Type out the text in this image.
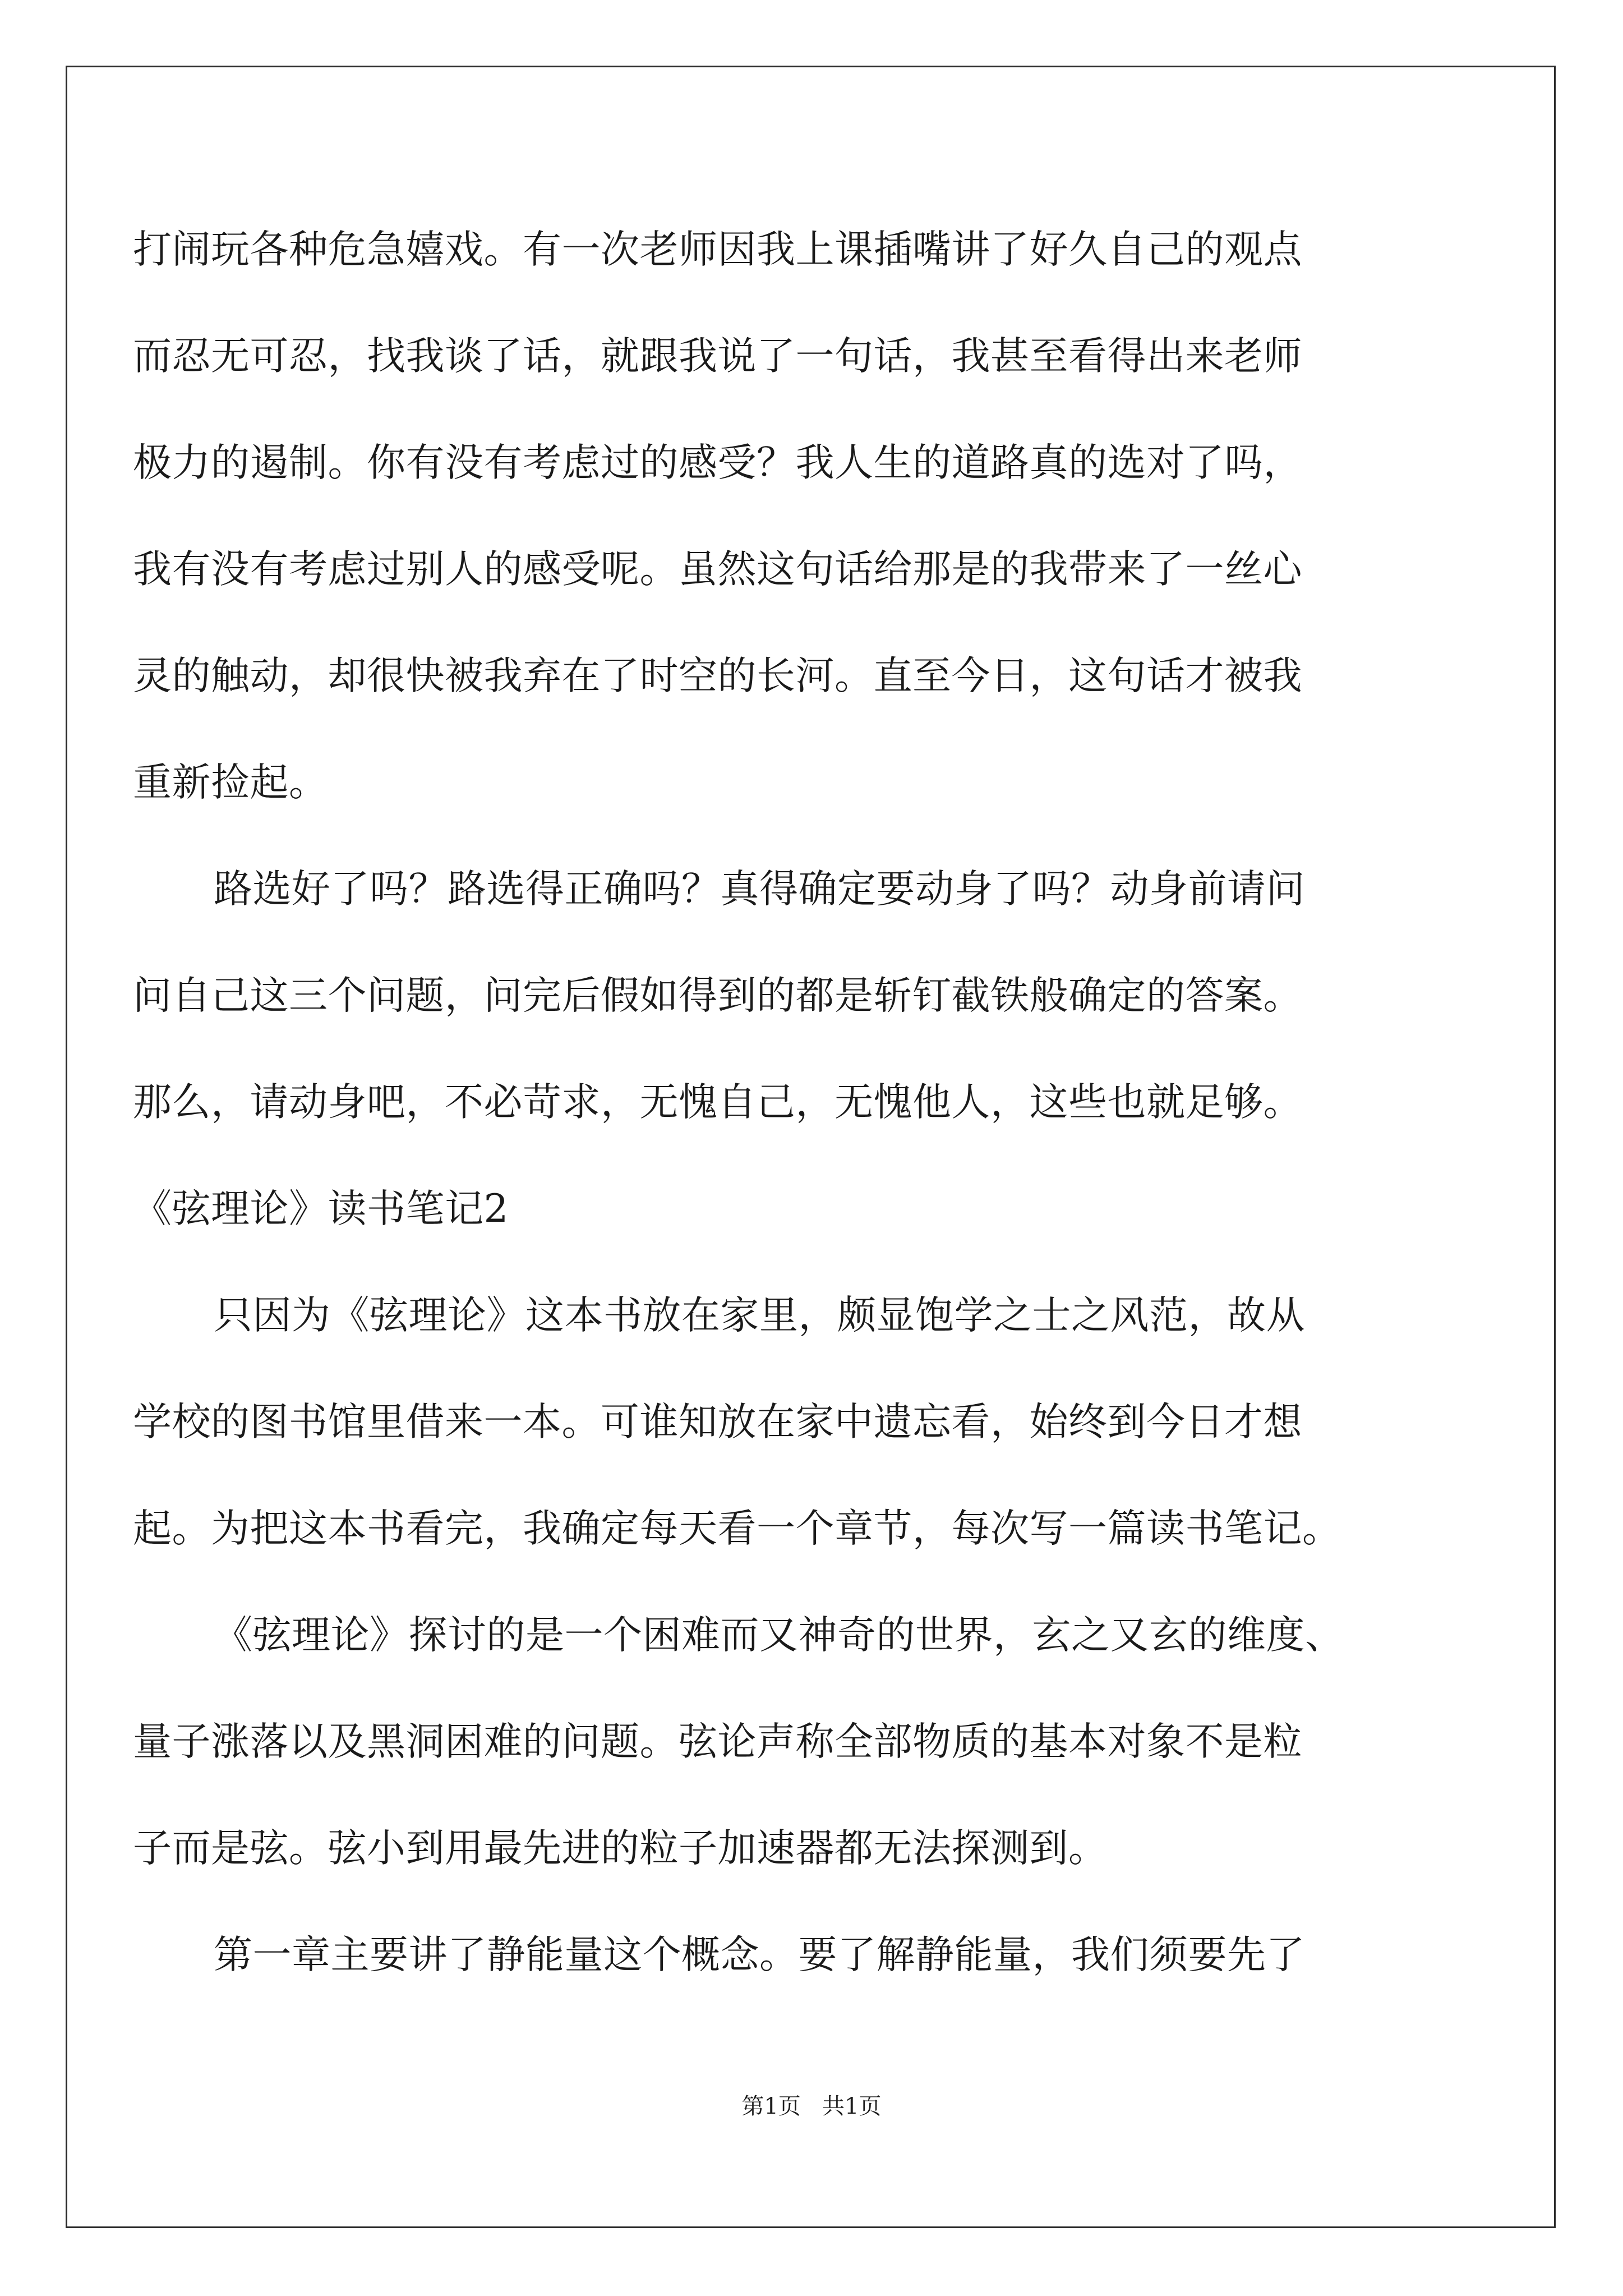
打闹玩各种危急嬉戏。有一次老师因我上课插嘴讲了好久自己的观点
而忍无可忍，找我谈了话，就跟我说了一句话，我甚至看得出来老师
极力的遏制。你有没有考虑过的感受？我人生的道路真的选对了吗，
我有没有考虑过别人的感受呢。虽然这句话给那是的我带来了一丝心
灵的触动，却很快被我弃在了时空的长河。直至今日，这句话才被我
重新捡起。
路选好了吗？路选得正确吗？真得确定要动身了吗？动身前请问
问自己这三个问题，问完后假如得到的都是斩钉截铁般确定的答案。
那么，请动身吧，不必苛求，无愧自己，无愧他人，这些也就足够。
《弦理论》读书笔记2
只因为《弦理论》这本书放在家里，颇显饱学之士之风范，故从
学校的图书馆里借来一本。可谁知放在家中遗忘看，始终到今日才想
起。为把这本书看完，我确定每天看一个章节，每次写一篇读书笔记。
《弦理论》探讨的是一个困难而又神奇的世界，玄之又玄的维度、
量子涨落以及黑洞困难的问题。弦论声称全部物质的基本对象不是粒
子而是弦。弦小到用最先进的粒子加速器都无法探测到。
第一章主要讲了静能量这个概念。要了解静能量，我们须要先了
第1页   共1页
